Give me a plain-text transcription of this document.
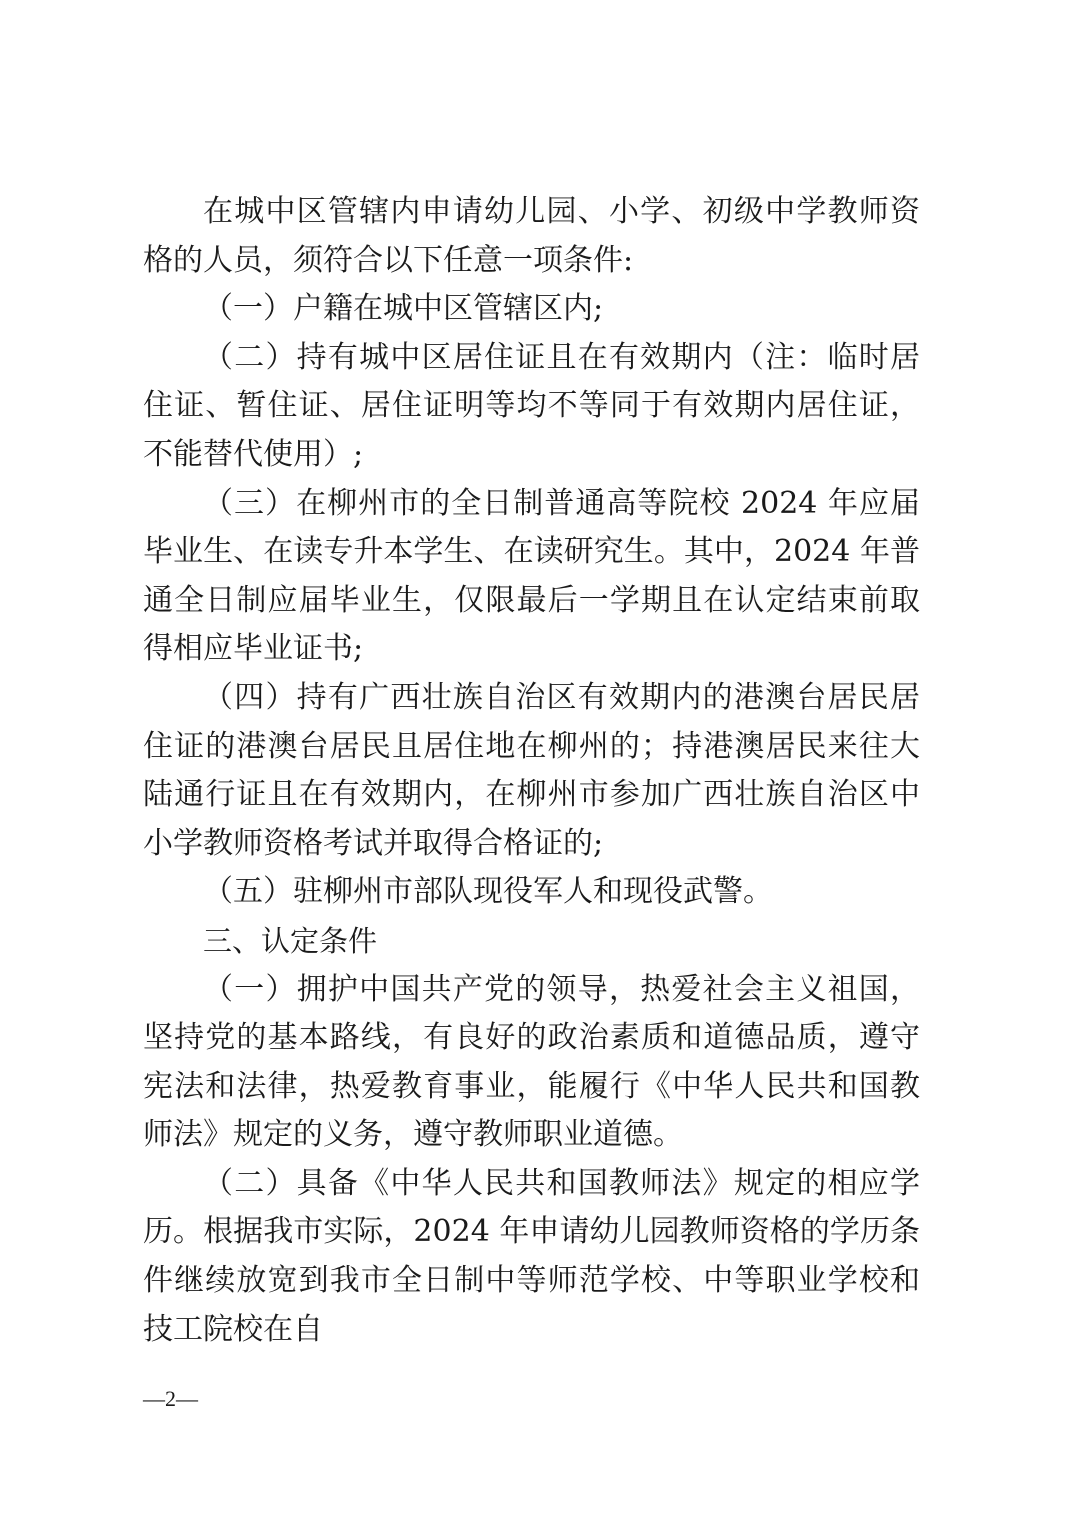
在城中区管辖内申请幼儿园、小学、初级中学教师资格的人员，须符合以下任意一项条件:

（一）户籍在城中区管辖区内;

（二）持有城中区居住证且在有效期内（注：临时居住证、暂住证、居住证明等均不等同于有效期内居住证，不能替代使用）;

（三）在柳州市的全日制普通高等院校 2024 年应届毕业生、在读专升本学生、在读研究生。其中，2024 年普通全日制应届毕业生，仅限最后一学期且在认定结束前取得相应毕业证书;

（四）持有广西壮族自治区有效期内的港澳台居民居住证的港澳台居民且居住地在柳州的；持港澳居民来往大陆通行证且在有效期内，在柳州市参加广西壮族自治区中小学教师资格考试并取得合格证的;

（五）驻柳州市部队现役军人和现役武警。

三、认定条件

（一）拥护中国共产党的领导，热爱社会主义祖国，坚持党的基本路线，有良好的政治素质和道德品质，遵守宪法和法律，热爱教育事业，能履行《中华人民共和国教师法》规定的义务，遵守教师职业道德。

（二）具备《中华人民共和国教师法》规定的相应学历。根据我市实际，2024 年申请幼儿园教师资格的学历条件继续放宽到我市全日制中等师范学校、中等职业学校和技工院校在自

—2—
